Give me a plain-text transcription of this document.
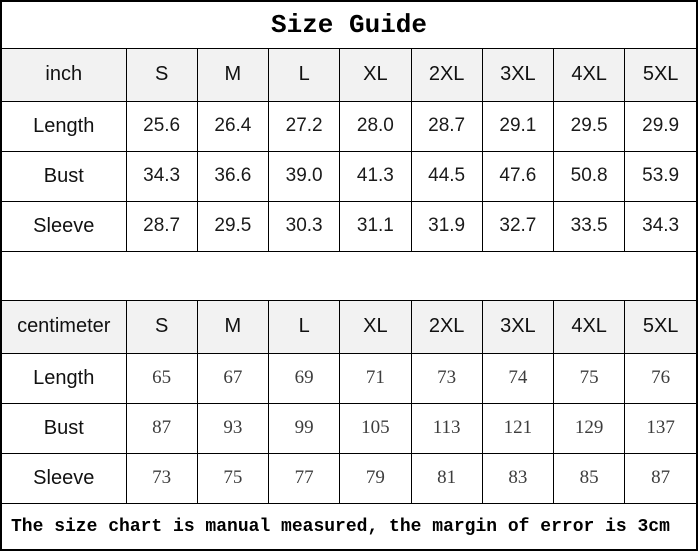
Size Guide
inch	S	M	L	XL	2XL	3XL	4XL	5XL
Length	25.6	26.4	27.2	28.0	28.7	29.1	29.5	29.9
Bust	34.3	36.6	39.0	41.3	44.5	47.6	50.8	53.9
Sleeve	28.7	29.5	30.3	31.1	31.9	32.7	33.5	34.3
centimeter	S	M	L	XL	2XL	3XL	4XL	5XL
Length	65	67	69	71	73	74	75	76
Bust	87	93	99	105	113	121	129	137
Sleeve	73	75	77	79	81	83	85	87
The size chart is manual measured, the margin of error is 3cm
